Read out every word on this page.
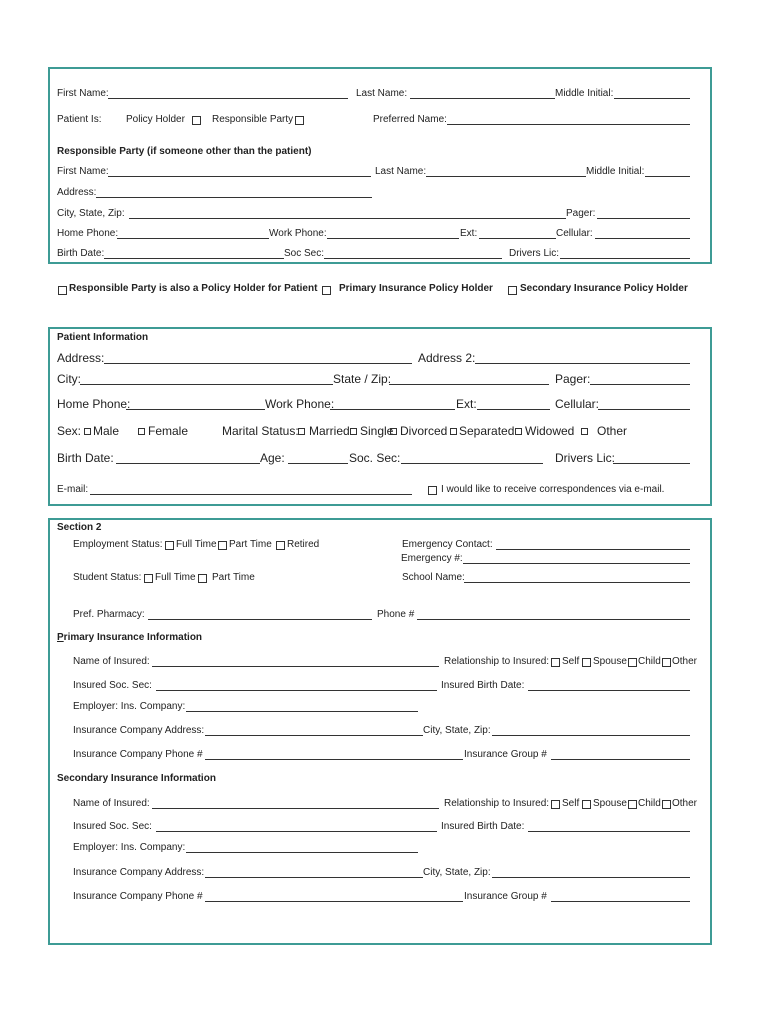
First Name:	Last Name:	Middle Initial:
Patient Is: Policy Holder	Responsible Party	Preferred Name:
Responsible Party (if someone other than the patient)
First Name:	Last Name:	Middle Initial:
Address:
City, State, Zip:	Pager:
Home Phone:	Work Phone:	Ext:	Cellular:
Birth Date:	Soc Sec:	Drivers Lic:
Responsible Party is also a Policy Holder for Patient Primary Insurance Policy Holder	Secondary Insurance Policy Holder
Patient Information
Address:	Address 2:
City:	State / Zip:	Pager:
Home Phone:	Work Phone:	Ext:	Cellular:
Sex: Male Female	Marital Status: Married Single Divorced Separated Widowed Other
Birth Date:	Age:	Soc. Sec:	Drivers Lic:
E-mail:	I would like to receive correspondences via e-mail.
Section 2
Employment Status: Full Time Part Time Retired	Emergency Contact:
Emergency #:
Student Status: Full Time Part Time	School Name:
Pref. Pharmacy:	Phone #
Primary Insurance Information
Name of Insured:	Relationship to Insured: Self Spouse Child Other
Insured Soc. Sec:	Insured Birth Date:
Employer: Ins. Company:
Insurance Company Address:	City, State, Zip:
Insurance Company Phone #	Insurance Group #
Secondary Insurance Information
Name of Insured:	Relationship to Insured: Self Spouse Child Other
Insured Soc. Sec:	Insured Birth Date:
Employer: Ins. Company:
Insurance Company Address:	City, State, Zip:
Insurance Company Phone #	Insurance Group #
